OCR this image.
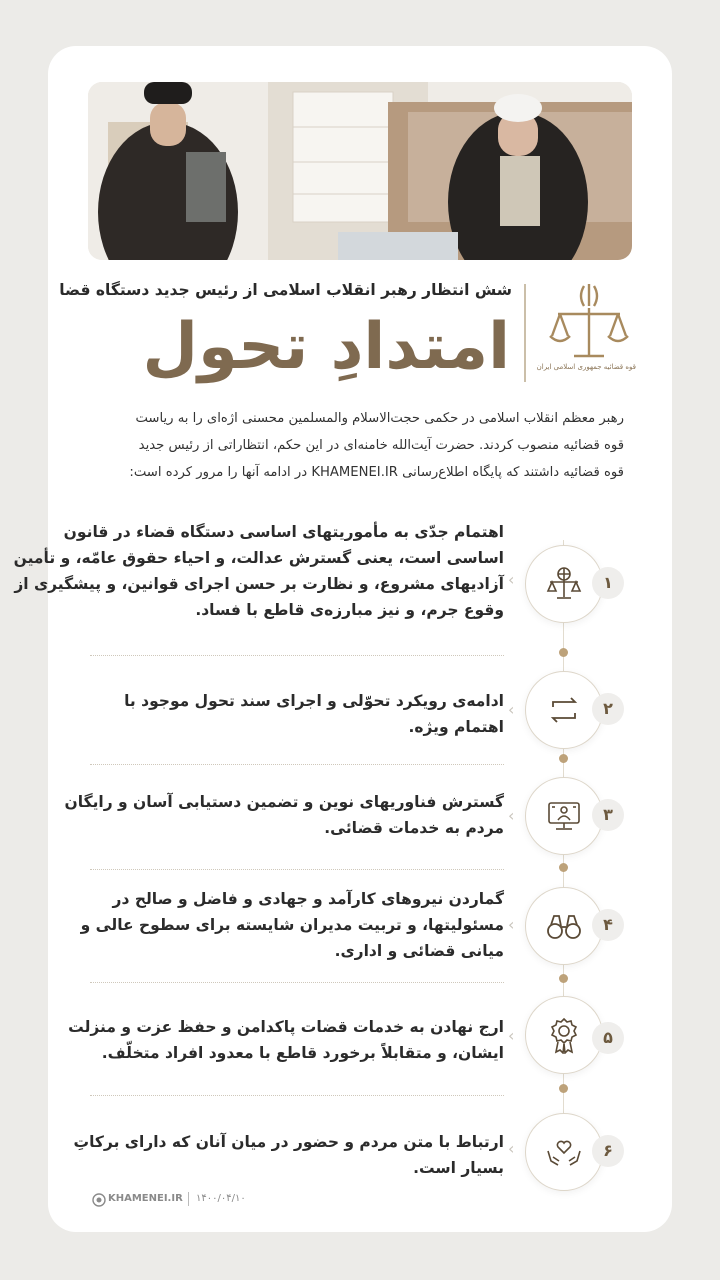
شش انتظار رهبر انقلاب اسلامی از رئیس جدید دستگاه قضا
امتدادِ تحول	قوه قضائیه جمهوری اسلامی ایران
رهبر معظم انقلاب اسلامی در حکمی حجت‌الاسلام والمسلمین محسنی اژه‌ای را به ریاست
قوه قضائیه منصوب کردند. حضرت آیت‌الله خامنه‌ای در این حکم، انتظاراتی از رئیس جدید
قوه قضائیه داشتند که پایگاه اطلاع‌رسانی KHAMENEI.IR در ادامه آنها را مرور کرده است:
اهتمام جدّی به مأموریتهای اساسی دستگاه قضاء در قانون
اساسی است، یعنی گسترش عدالت، و احیاء حقوق عامّه، و تأمین
آزادیهای مشروع، و نظارت بر حسن اجرای قوانین، و پیشگیری از
وقوع جرم، و نیز مبارزه‌ی قاطع با فساد.
‹	۱
ادامه‌ی رویکرد تحوّلی و اجرای سند تحول موجود با
اهتمام ویژه.
‹	۲
گسترش فناوریهای نوین و تضمین دستیابی آسان و رایگان
مردم به خدمات قضائی.
‹	۳
گماردن نیروهای کارآمد و جهادی و فاضل و صالح در
مسئولیتها، و تربیت مدیران شایسته برای سطوح عالی و
میانی قضائی و اداری.
‹	۴
ارج نهادن به خدمات قضات پاکدامن و حفظ عزت و منزلت
ایشان، و متقابلاً برخورد قاطع با معدود افراد متخلّف.
‹	۵
ارتباط با متن مردم و حضور در میان آنان که دارای برکاتِ
بسیار است.
‹	۶
KHAMENEI.IR ۱۴۰۰/۰۴/۱۰
